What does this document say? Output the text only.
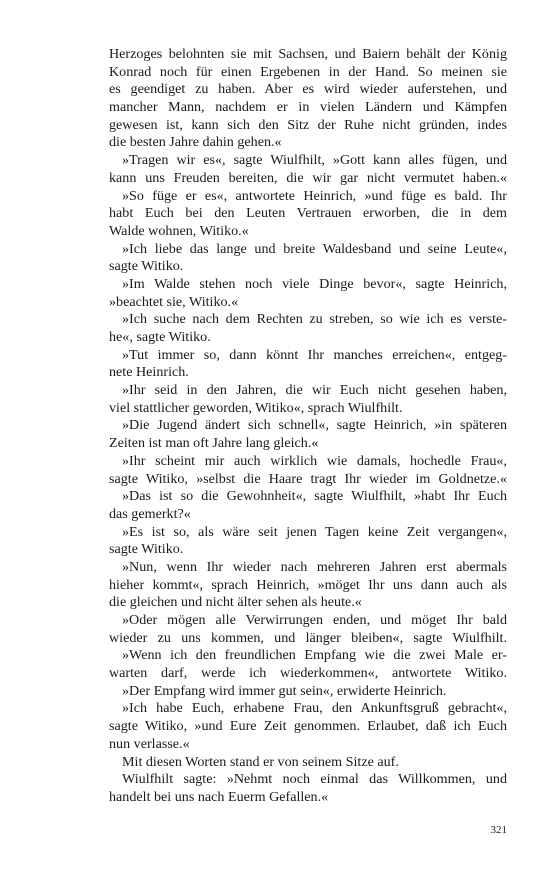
Herzoges belohnten sie mit Sachsen, und Baiern behält der König
Konrad noch für einen Ergebenen in der Hand. So meinen sie
es geendiget zu haben. Aber es wird wieder auferstehen, und
mancher Mann, nachdem er in vielen Ländern und Kämpfen
gewesen ist, kann sich den Sitz der Ruhe nicht gründen, indes
die besten Jahre dahin gehen.«
»Tragen wir es«, sagte Wiulfhilt, »Gott kann alles fügen, und
kann uns Freuden bereiten, die wir gar nicht vermutet haben.«
»So füge er es«, antwortete Heinrich, »und füge es bald. Ihr
habt Euch bei den Leuten Vertrauen erworben, die in dem
Walde wohnen, Witiko.«
»Ich liebe das lange und breite Waldesband und seine Leute«,
sagte Witiko.
»Im Walde stehen noch viele Dinge bevor«, sagte Heinrich,
»beachtet sie, Witiko.«
»Ich suche nach dem Rechten zu streben, so wie ich es verste-
he«, sagte Witiko.
»Tut immer so, dann könnt Ihr manches erreichen«, entgeg-
nete Heinrich.
»Ihr seid in den Jahren, die wir Euch nicht gesehen haben,
viel stattlicher geworden, Witiko«, sprach Wiulfhilt.
»Die Jugend ändert sich schnell«, sagte Heinrich, »in späteren
Zeiten ist man oft Jahre lang gleich.«
»Ihr scheint mir auch wirklich wie damals, hochedle Frau«,
sagte Witiko, »selbst die Haare tragt Ihr wieder im Goldnetze.«
»Das ist so die Gewohnheit«, sagte Wiulfhilt, »habt Ihr Euch
das gemerkt?«
»Es ist so, als wäre seit jenen Tagen keine Zeit vergangen«,
sagte Witiko.
»Nun, wenn Ihr wieder nach mehreren Jahren erst abermals
hieher kommt«, sprach Heinrich, »möget Ihr uns dann auch als
die gleichen und nicht älter sehen als heute.«
»Oder mögen alle Verwirrungen enden, und möget Ihr bald
wieder zu uns kommen, und länger bleiben«, sagte Wiulfhilt.
»Wenn ich den freundlichen Empfang wie die zwei Male er-
warten darf, werde ich wiederkommen«, antwortete Witiko.
»Der Empfang wird immer gut sein«, erwiderte Heinrich.
»Ich habe Euch, erhabene Frau, den Ankunftsgruß gebracht«,
sagte Witiko, »und Eure Zeit genommen. Erlaubet, daß ich Euch
nun verlasse.«
Mit diesen Worten stand er von seinem Sitze auf.
Wiulfhilt sagte: »Nehmt noch einmal das Willkommen, und
handelt bei uns nach Euerm Gefallen.«
321
